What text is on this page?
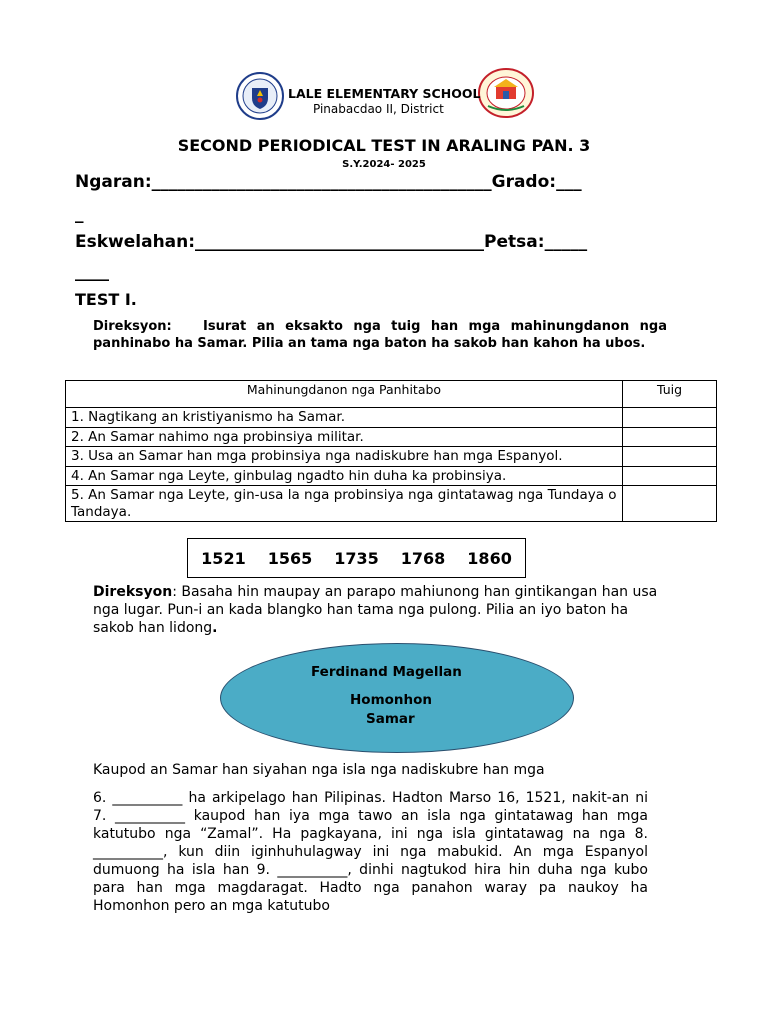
LALE ELEMENTARY SCHOOL
Pinabacdao II, District
SECOND PERIODICAL TEST IN ARALING PAN. 3
S.Y.2024- 2025
Ngaran:________________________________________Grado:___
_
Eskwelahan:__________________________________Petsa:_____
____
TEST I.
Direksyon: Isurat an eksakto nga tuig han mga mahinungdanon nga panhinabo ha Samar. Pilia an tama nga baton ha sakob han kahon ha ubos.
Mahinungdanon nga Panhitabo	Tuig
1. Nagtikang an kristiyanismo ha Samar.	
2. An Samar nahimo nga probinsiya militar.	
3. Usa an Samar han mga probinsiya nga nadiskubre han mga Espanyol.	
4. An Samar nga Leyte, ginbulag ngadto hin duha ka probinsiya.	
5. An Samar nga Leyte, gin-usa la nga probinsiya nga gintatawag nga Tundaya o Tandaya.	
1521 1565 1735 1768 1860
Direksyon: Basaha hin maupay an parapo mahiunong han gintikangan han usa nga lugar. Pun-i an kada blangko han tama nga pulong. Pilia an iyo baton ha sakob han lidong.
Ferdinand Magellan
Homonhon
Samar
Kaupod an Samar han siyahan nga isla nga nadiskubre han mga
6. __________ ha arkipelago han Pilipinas. Hadton Marso 16, 1521, nakit-an ni 7. __________ kaupod han iya mga tawo an isla nga gintatawag han mga katutubo nga “Zamal”. Ha pagkayana, ini nga isla gintatawag na nga 8. __________, kun diin iginhuhulagway ini nga mabukid. An mga Espanyol dumuong ha isla han 9. __________, dinhi nagtukod hira hin duha nga kubo para han mga magdaragat. Hadto nga panahon waray pa naukoy ha Homonhon pero an mga katutubo
